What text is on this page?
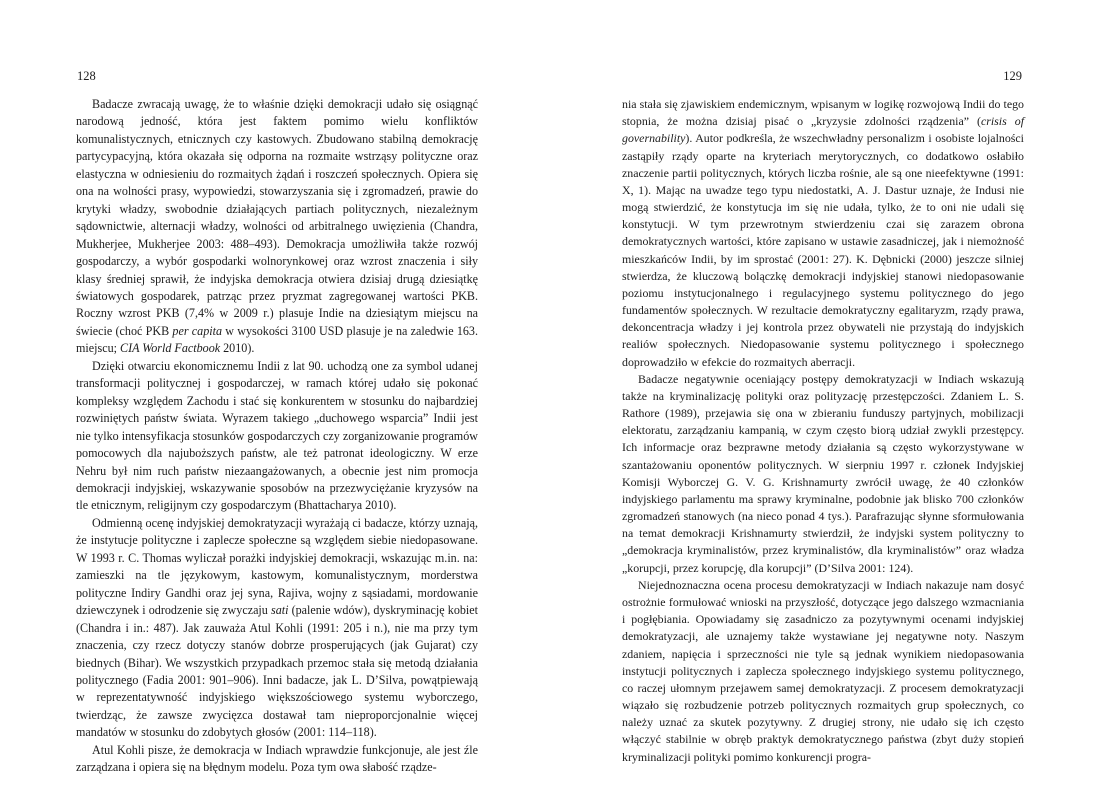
128

Badacze zwracają uwagę, że to właśnie dzięki demokracji udało się osiągnąć narodową jedność, która jest faktem pomimo wielu konfliktów komunalistycznych, etnicznych czy kastowych. Zbudowano stabilną demokrację partycypacyjną, która okazała się odporna na rozmaite wstrząsy polityczne oraz elastyczna w odniesieniu do rozmaitych żądań i roszczeń społecznych. Opiera się ona na wolności prasy, wypowiedzi, stowarzyszania się i zgromadzeń, prawie do krytyki władzy, swobodnie działających partiach politycznych, niezależnym sądownictwie, alternacji władzy, wolności od arbitralnego uwięzienia (Chandra, Mukherjee, Mukherjee 2003: 488–493). Demokracja umożliwiła także rozwój gospodarczy, a wybór gospodarki wolnorynkowej oraz wzrost znaczenia i siły klasy średniej sprawił, że indyjska demokracja otwiera dzisiaj drugą dziesiątkę światowych gospodarek, patrząc przez pryzmat zagregowanej wartości PKB. Roczny wzrost PKB (7,4% w 2009 r.) plasuje Indie na dziesiątym miejscu na świecie (choć PKB per capita w wysokości 3100 USD plasuje je na zaledwie 163. miejscu; CIA World Factbook 2010).

Dzięki otwarciu ekonomicznemu Indii z lat 90. uchodzą one za symbol udanej transformacji politycznej i gospodarczej, w ramach której udało się pokonać kompleksy względem Zachodu i stać się konkurentem w stosunku do najbardziej rozwiniętych państw świata. Wyrazem takiego „duchowego wsparcia” Indii jest nie tylko intensyfikacja stosunków gospodarczych czy zorganizowanie programów pomocowych dla najuboższych państw, ale też patronat ideologiczny. W erze Nehru był nim ruch państw niezaangażowanych, a obecnie jest nim promocja demokracji indyjskiej, wskazywanie sposobów na przezwyciężanie kryzysów na tle etnicznym, religijnym czy gospodarczym (Bhattacharya 2010).

Odmienną ocenę indyjskiej demokratyzacji wyrażają ci badacze, którzy uznają, że instytucje polityczne i zaplecze społeczne są względem siebie niedopasowane. W 1993 r. C. Thomas wyliczał porażki indyjskiej demokracji, wskazując m.in. na: zamieszki na tle językowym, kastowym, komunalistycznym, morderstwa polityczne Indiry Gandhi oraz jej syna, Rajiva, wojny z sąsiadami, mordowanie dziewczynek i odrodzenie się zwyczaju sati (palenie wdów), dyskryminację kobiet (Chandra i in.: 487). Jak zauważa Atul Kohli (1991: 205 i n.), nie ma przy tym znaczenia, czy rzecz dotyczy stanów dobrze prosperujących (jak Gujarat) czy biednych (Bihar). We wszystkich przypadkach przemoc stała się metodą działania politycznego (Fadia 2001: 901–906). Inni badacze, jak L. D’Silva, powątpiewają w reprezentatywność indyjskiego większościowego systemu wyborczego, twierdząc, że zawsze zwycięzca dostawał tam nieproporcjonalnie więcej mandatów w stosunku do zdobytych głosów (2001: 114–118).

Atul Kohli pisze, że demokracja w Indiach wprawdzie funkcjonuje, ale jest źle zarządzana i opiera się na błędnym modelu. Poza tym owa słabość rządze-

129

nia stała się zjawiskiem endemicznym, wpisanym w logikę rozwojową Indii do tego stopnia, że można dzisiaj pisać o „kryzysie zdolności rządzenia” (crisis of governability). Autor podkreśla, że wszechwładny personalizm i osobiste lojalności zastąpiły rządy oparte na kryteriach merytorycznych, co dodatkowo osłabiło znaczenie partii politycznych, których liczba rośnie, ale są one nieefektywne (1991: X, 1). Mając na uwadze tego typu niedostatki, A. J. Dastur uznaje, że Indusi nie mogą stwierdzić, że konstytucja im się nie udała, tylko, że to oni nie udali się konstytucji. W tym przewrotnym stwierdzeniu czai się zarazem obrona demokratycznych wartości, które zapisano w ustawie zasadniczej, jak i niemożność mieszkańców Indii, by im sprostać (2001: 27). K. Dębnicki (2000) jeszcze silniej stwierdza, że kluczową bolączkę demokracji indyjskiej stanowi niedopasowanie poziomu instytucjonalnego i regulacyjnego systemu politycznego do jego fundamentów społecznych. W rezultacie demokratyczny egalitaryzm, rządy prawa, dekoncentracja władzy i jej kontrola przez obywateli nie przystają do indyjskich realiów społecznych. Niedopasowanie systemu politycznego i społecznego doprowadziło w efekcie do rozmaitych aberracji.

Badacze negatywnie oceniający postępy demokratyzacji w Indiach wskazują także na kryminalizację polityki oraz polityzację przestępczości. Zdaniem L. S. Rathore (1989), przejawia się ona w zbieraniu funduszy partyjnych, mobilizacji elektoratu, zarządzaniu kampanią, w czym często biorą udział zwykli przestępcy. Ich informacje oraz bezprawne metody działania są często wykorzystywane w szantażowaniu oponentów politycznych. W sierpniu 1997 r. członek Indyjskiej Komisji Wyborczej G. V. G. Krishnamurty zwrócił uwagę, że 40 członków indyjskiego parlamentu ma sprawy kryminalne, podobnie jak blisko 700 członków zgromadzeń stanowych (na nieco ponad 4 tys.). Parafrazując słynne sformułowania na temat demokracji Krishnamurty stwierdził, że indyjski system polityczny to „demokracja kryminalistów, przez kryminalistów, dla kryminalistów” oraz władza „korupcji, przez korupcję, dla korupcji” (D’Silva 2001: 124).

Niejednoznaczna ocena procesu demokratyzacji w Indiach nakazuje nam dosyć ostrożnie formułować wnioski na przyszłość, dotyczące jego dalszego wzmacniania i pogłębiania. Opowiadamy się zasadniczo za pozytywnymi ocenami indyjskiej demokratyzacji, ale uznajemy także wystawiane jej negatywne noty. Naszym zdaniem, napięcia i sprzeczności nie tyle są jednak wynikiem niedopasowania instytucji politycznych i zaplecza społecznego indyjskiego systemu politycznego, co raczej ułomnym przejawem samej demokratyzacji. Z procesem demokratyzacji wiązało się rozbudzenie potrzeb politycznych rozmaitych grup społecznych, co należy uznać za skutek pozytywny. Z drugiej strony, nie udało się ich często włączyć stabilnie w obręb praktyk demokratycznego państwa (zbyt duży stopień kryminalizacji polityki pomimo konkurencji progra-
